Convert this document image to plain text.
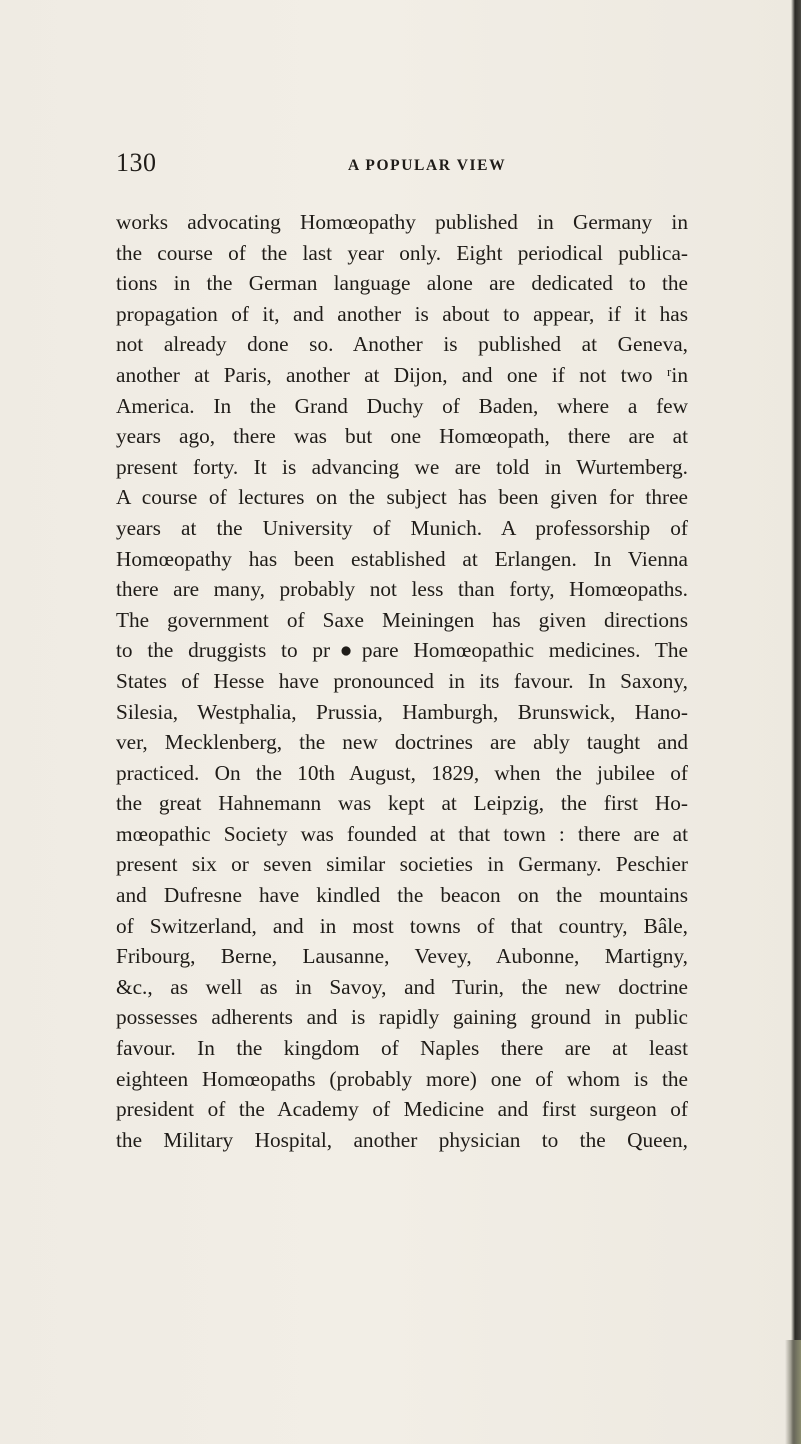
130	A POPULAR VIEW
works advocating Homœopathy published in Germany in
the course of the last year only. Eight periodical publica-
tions in the German language alone are dedicated to the
propagation of it, and another is about to appear, if it has
not already done so. Another is published at Geneva,
another at Paris, another at Dijon, and one if not two ʳin
America. In the Grand Duchy of Baden, where a few
years ago, there was but one Homœopath, there are at
present forty. It is advancing we are told in Wurtemberg.
A course of lectures on the subject has been given for three
years at the University of Munich. A professorship of
Homœopathy has been established at Erlangen. In Vienna
there are many, probably not less than forty, Homœopaths.
The government of Saxe Meiningen has given directions
to the druggists to pr●pare Homœopathic medicines. The
States of Hesse have pronounced in its favour. In Saxony,
Silesia, Westphalia, Prussia, Hamburgh, Brunswick, Hano-
ver, Mecklenberg, the new doctrines are ably taught and
practiced. On the 10th August, 1829, when the jubilee of
the great Hahnemann was kept at Leipzig, the first Ho-
mœopathic Society was founded at that town : there are at
present six or seven similar societies in Germany. Peschier
and Dufresne have kindled the beacon on the mountains
of Switzerland, and in most towns of that country, Bâle,
Fribourg, Berne, Lausanne, Vevey, Aubonne, Martigny,
&c., as well as in Savoy, and Turin, the new doctrine
possesses adherents and is rapidly gaining ground in public
favour. In the kingdom of Naples there are at least
eighteen Homœopaths (probably more) one of whom is the
president of the Academy of Medicine and first surgeon of
the Military Hospital, another physician to the Queen,
